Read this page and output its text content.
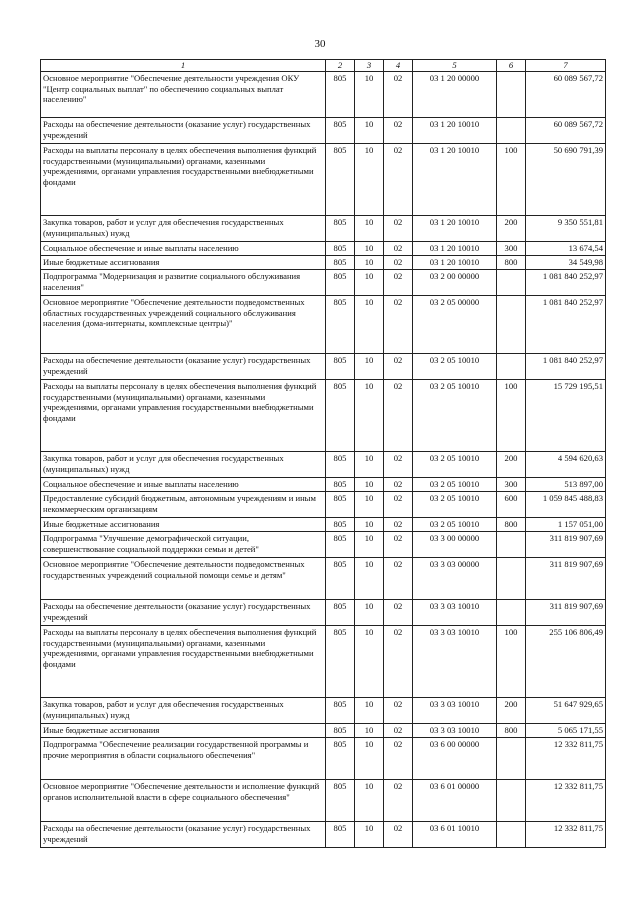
30
1	2	3	4	5	6	7
Основное мероприятие "Обеспечение деятельности учреждения ОКУ "Центр социальных выплат" по обеспечению социальных выплат населению"	805	10	02	03 1 20 00000		60 089 567,72
Расходы на обеспечение деятельности (оказание услуг) государственных учреждений	805	10	02	03 1 20 10010		60 089 567,72
Расходы на выплаты персоналу в целях обеспечения выполнения функций государственными (муниципальными) органами, казенными учреждениями, органами управления государственными внебюджетными фондами	805	10	02	03 1 20 10010	100	50 690 791,39
Закупка товаров, работ и услуг для обеспечения государственных (муниципальных) нужд	805	10	02	03 1 20 10010	200	9 350 551,81
Социальное обеспечение и иные выплаты населению	805	10	02	03 1 20 10010	300	13 674,54
Иные бюджетные ассигнования	805	10	02	03 1 20 10010	800	34 549,98
Подпрограмма "Модернизация и развитие социального обслуживания населения"	805	10	02	03 2 00 00000		1 081 840 252,97
Основное мероприятие "Обеспечение деятельности подведомственных областных государственных учреждений социального обслуживания населения (дома-интернаты, комплексные центры)"	805	10	02	03 2 05 00000		1 081 840 252,97
Расходы на обеспечение деятельности (оказание услуг) государственных учреждений	805	10	02	03 2 05 10010		1 081 840 252,97
Расходы на выплаты персоналу в целях обеспечения выполнения функций государственными (муниципальными) органами, казенными учреждениями, органами управления государственными внебюджетными фондами	805	10	02	03 2 05 10010	100	15 729 195,51
Закупка товаров, работ и услуг для обеспечения государственных (муниципальных) нужд	805	10	02	03 2 05 10010	200	4 594 620,63
Социальное обеспечение и иные выплаты населению	805	10	02	03 2 05 10010	300	513 897,00
Предоставление субсидий бюджетным, автономным учреждениям и иным некоммерческим организациям	805	10	02	03 2 05 10010	600	1 059 845 488,83
Иные бюджетные ассигнования	805	10	02	03 2 05 10010	800	1 157 051,00
Подпрограмма "Улучшение демографической ситуации, совершенствование социальной поддержки семьи и детей"	805	10	02	03 3 00 00000		311 819 907,69
Основное мероприятие "Обеспечение деятельности подведомственных государственных учреждений социальной помощи семье и детям"	805	10	02	03 3 03 00000		311 819 907,69
Расходы на обеспечение деятельности (оказание услуг) государственных учреждений	805	10	02	03 3 03 10010		311 819 907,69
Расходы на выплаты персоналу в целях обеспечения выполнения функций государственными (муниципальными) органами, казенными учреждениями, органами управления государственными внебюджетными фондами	805	10	02	03 3 03 10010	100	255 106 806,49
Закупка товаров, работ и услуг для обеспечения государственных (муниципальных) нужд	805	10	02	03 3 03 10010	200	51 647 929,65
Иные бюджетные ассигнования	805	10	02	03 3 03 10010	800	5 065 171,55
Подпрограмма "Обеспечение реализации государственной программы и прочие мероприятия в области социального обеспечения"	805	10	02	03 6 00 00000		12 332 811,75
Основное мероприятие "Обеспечение деятельности и исполнение функций органов исполнительной власти в сфере социального обеспечения"	805	10	02	03 6 01 00000		12 332 811,75
Расходы на обеспечение деятельности (оказание услуг) государственных учреждений	805	10	02	03 6 01 10010		12 332 811,75
